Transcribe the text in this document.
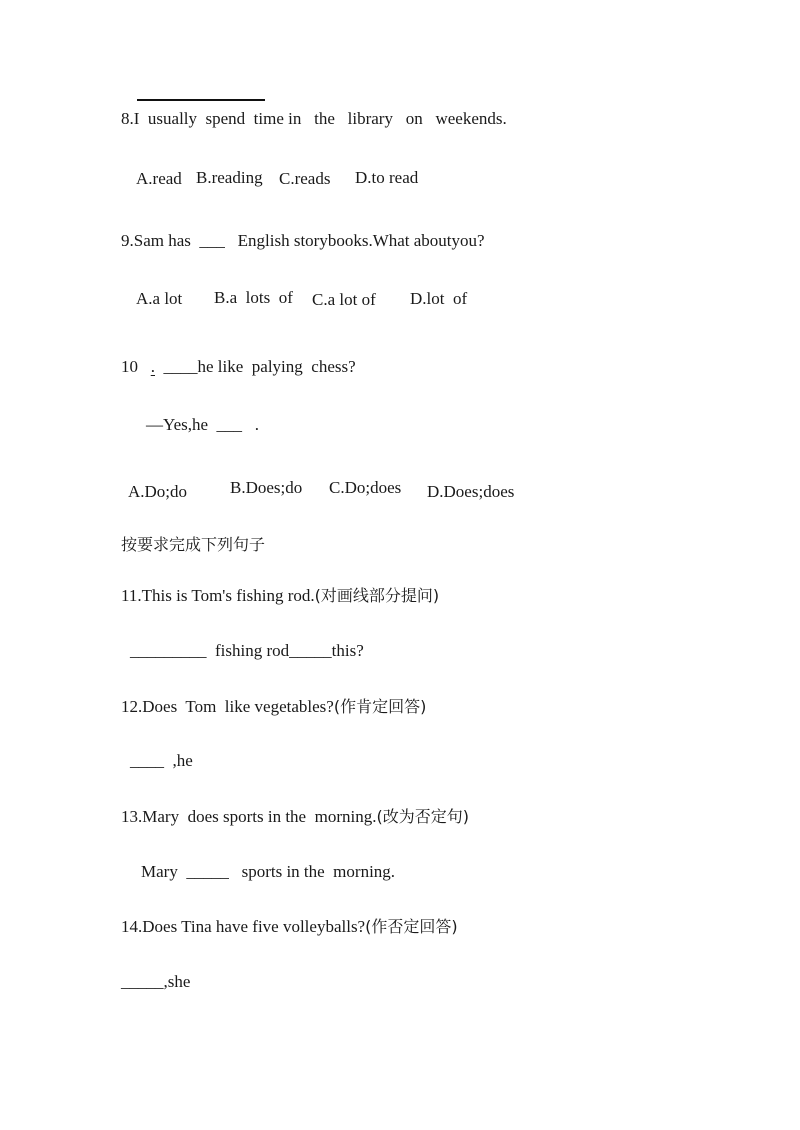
8.I  usually  spend  time in   the   library   on   weekends.
A.read B.reading C.reads D.to read
9.Sam has ___ English storybooks.What aboutyou?
A.a lot B.a  lots  of C.a lot of D.lot  of
10 . ____he like  palying  chess?
—Yes,he ___ .
A.Do;do	B.Does;do C.Do;does D.Does;does
按要求完成下列句子
11.This is Tom's fishing rod.(对画线部分提问)
_________ fishing rod_____this?
12.Does  Tom  like vegetables?(作肯定回答)
____ ,he
13.Mary  does sports in the  morning.(改为否定句)
Mary _____ sports in the  morning.
14.Does Tina have five volleyballs?(作否定回答)
_____,she
